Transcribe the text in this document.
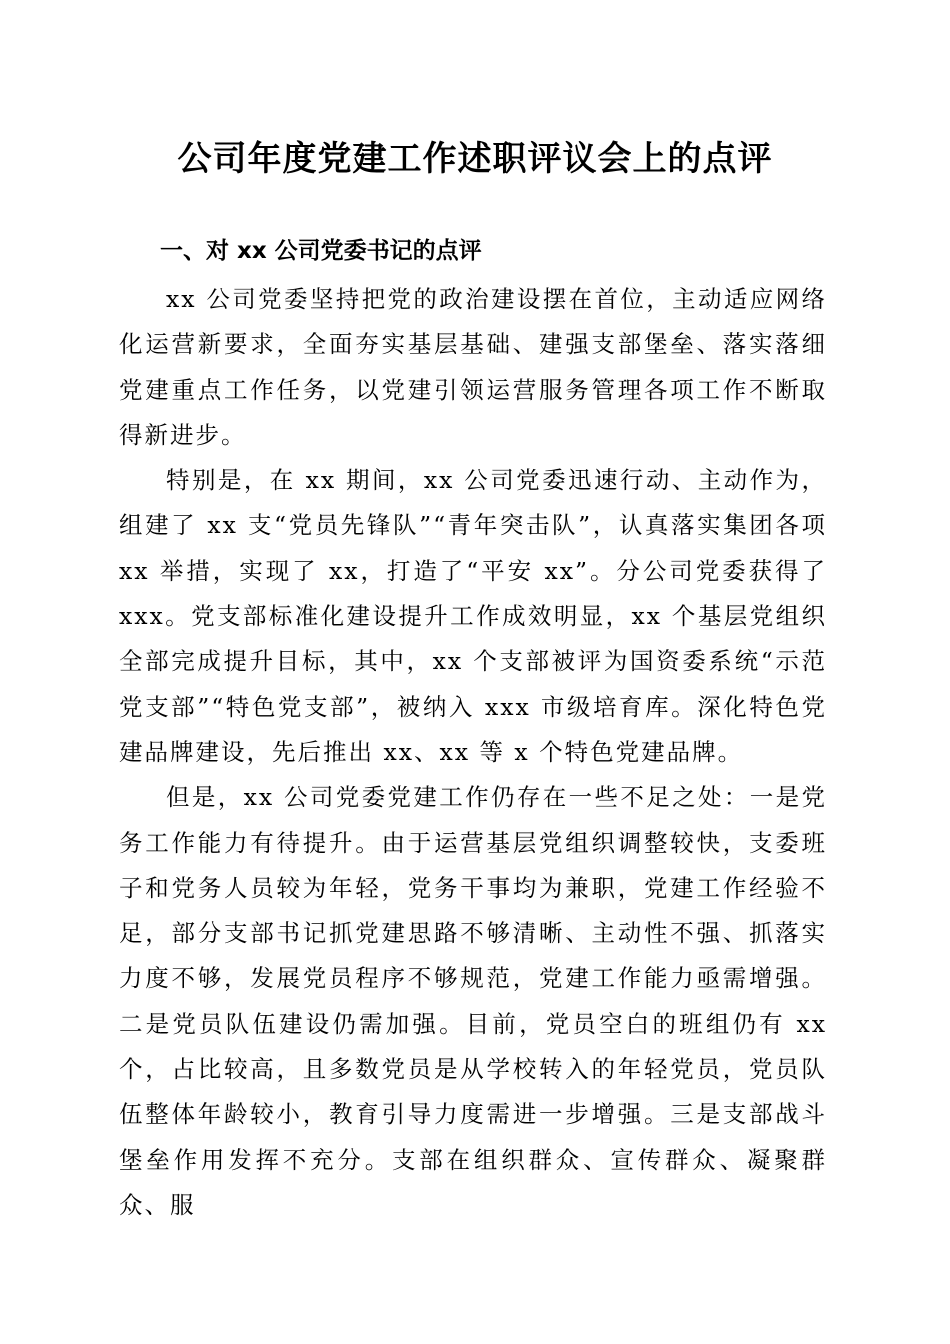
公司年度党建工作述职评议会上的点评
一、对 xx 公司党委书记的点评

xx 公司党委坚持把党的政治建设摆在首位，主动适应网络化运营新要求，全面夯实基层基础、建强支部堡垒、落实落细党建重点工作任务，以党建引领运营服务管理各项工作不断取得新进步。

特别是，在 xx 期间，xx 公司党委迅速行动、主动作为，组建了 xx 支“党员先锋队”“青年突击队”，认真落实集团各项 xx 举措，实现了 xx，打造了“平安 xx”。分公司党委获得了 xxx。党支部标准化建设提升工作成效明显，xx 个基层党组织全部完成提升目标，其中，xx 个支部被评为国资委系统“示范党支部”“特色党支部”，被纳入 xxx 市级培育库。深化特色党建品牌建设，先后推出 xx、xx 等 x 个特色党建品牌。

但是，xx 公司党委党建工作仍存在一些不足之处：一是党务工作能力有待提升。由于运营基层党组织调整较快，支委班子和党务人员较为年轻，党务干事均为兼职，党建工作经验不足，部分支部书记抓党建思路不够清晰、主动性不强、抓落实力度不够，发展党员程序不够规范，党建工作能力亟需增强。二是党员队伍建设仍需加强。目前，党员空白的班组仍有 xx 个，占比较高，且多数党员是从学校转入的年轻党员，党员队伍整体年龄较小，教育引导力度需进一步增强。三是支部战斗堡垒作用发挥不充分。支部在组织群众、宣传群众、凝聚群众、服
